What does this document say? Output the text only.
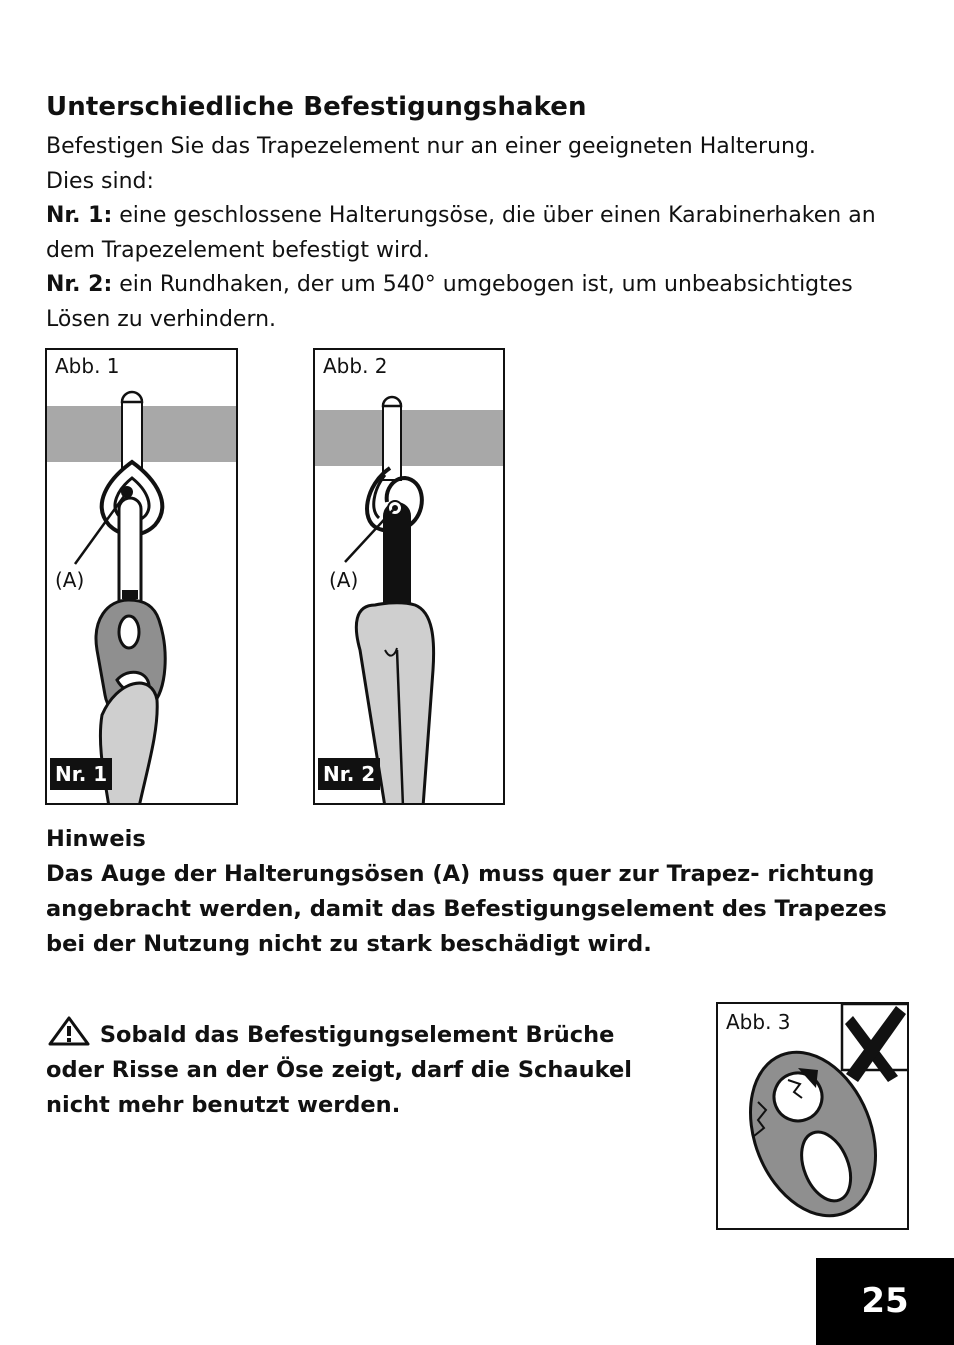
Unterschiedliche Befestigungshaken

Befestigen Sie das Trapezelement nur an einer geeigneten Halterung.

Dies sind:

Nr. 1: eine geschlossene Halterungsöse, die über einen Karabinerhaken an dem Trapezelement befestigt wird.

Nr. 2: ein Rundhaken, der um 540° umgebogen ist, um unbeabsichtigtes Lösen zu verhindern.

Abb. 1
(A)
Nr. 1
Abb. 2
(A)
Nr. 2

Hinweis

Das Auge der Halterungsösen (A) muss quer zur Trapez- richtung angebracht werden, damit das Befestigungselement des Trapezes bei der Nutzung nicht zu stark beschädigt wird.

Sobald das Befestigungselement Brüche oder Risse an der Öse zeigt, darf die Schaukel nicht mehr benutzt werden.
Abb. 3
25
